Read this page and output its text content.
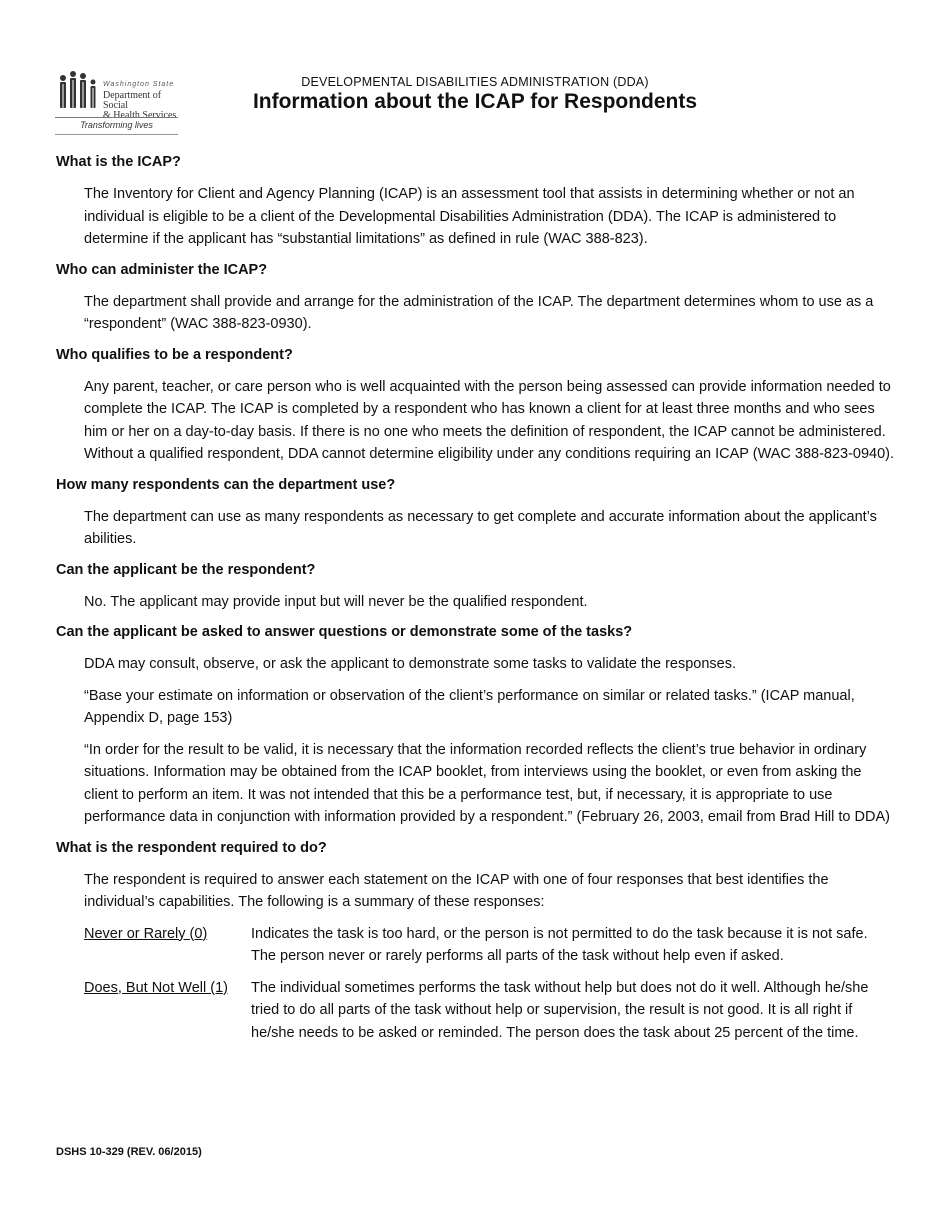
Washington State
Department of Social
& Health Services
Transforming lives
DEVELOPMENTAL DISABILITIES ADMINISTRATION (DDA)
Information about the ICAP for Respondents
What is the ICAP?
The Inventory for Client and Agency Planning (ICAP) is an assessment tool that assists in determining whether or not an individual is eligible to be a client of the Developmental Disabilities Administration (DDA). The ICAP is administered to determine if the applicant has “substantial limitations” as defined in rule (WAC 388-823).
Who can administer the ICAP?
The department shall provide and arrange for the administration of the ICAP. The department determines whom to use as a “respondent” (WAC 388-823-0930).
Who qualifies to be a respondent?
Any parent, teacher, or care person who is well acquainted with the person being assessed can provide information needed to complete the ICAP. The ICAP is completed by a respondent who has known a client for at least three months and who sees him or her on a day-to-day basis. If there is no one who meets the definition of respondent, the ICAP cannot be administered. Without a qualified respondent, DDA cannot determine eligibility under any conditions requiring an ICAP (WAC 388-823-0940).
How many respondents can the department use?
The department can use as many respondents as necessary to get complete and accurate information about the applicant’s abilities.
Can the applicant be the respondent?
No. The applicant may provide input but will never be the qualified respondent.
Can the applicant be asked to answer questions or demonstrate some of the tasks?
DDA may consult, observe, or ask the applicant to demonstrate some tasks to validate the responses.
“Base your estimate on information or observation of the client’s performance on similar or related tasks.” (ICAP manual, Appendix D, page 153)
“In order for the result to be valid, it is necessary that the information recorded reflects the client’s true behavior in ordinary situations. Information may be obtained from the ICAP booklet, from interviews using the booklet, or even from asking the client to perform an item. It was not intended that this be a performance test, but, if necessary, it is appropriate to use performance data in conjunction with information provided by a respondent.” (February 26, 2003, email from Brad Hill to DDA)
What is the respondent required to do?
The respondent is required to answer each statement on the ICAP with one of four responses that best identifies the individual’s capabilities. The following is a summary of these responses:
Never or Rarely (0)	Indicates the task is too hard, or the person is not permitted to do the task because it is not safe. The person never or rarely performs all parts of the task without help even if asked.
Does, But Not Well (1)	The individual sometimes performs the task without help but does not do it well. Although he/she tried to do all parts of the task without help or supervision, the result is not good. It is all right if he/she needs to be asked or reminded. The person does the task about 25 percent of the time.
DSHS 10-329 (REV. 06/2015)
